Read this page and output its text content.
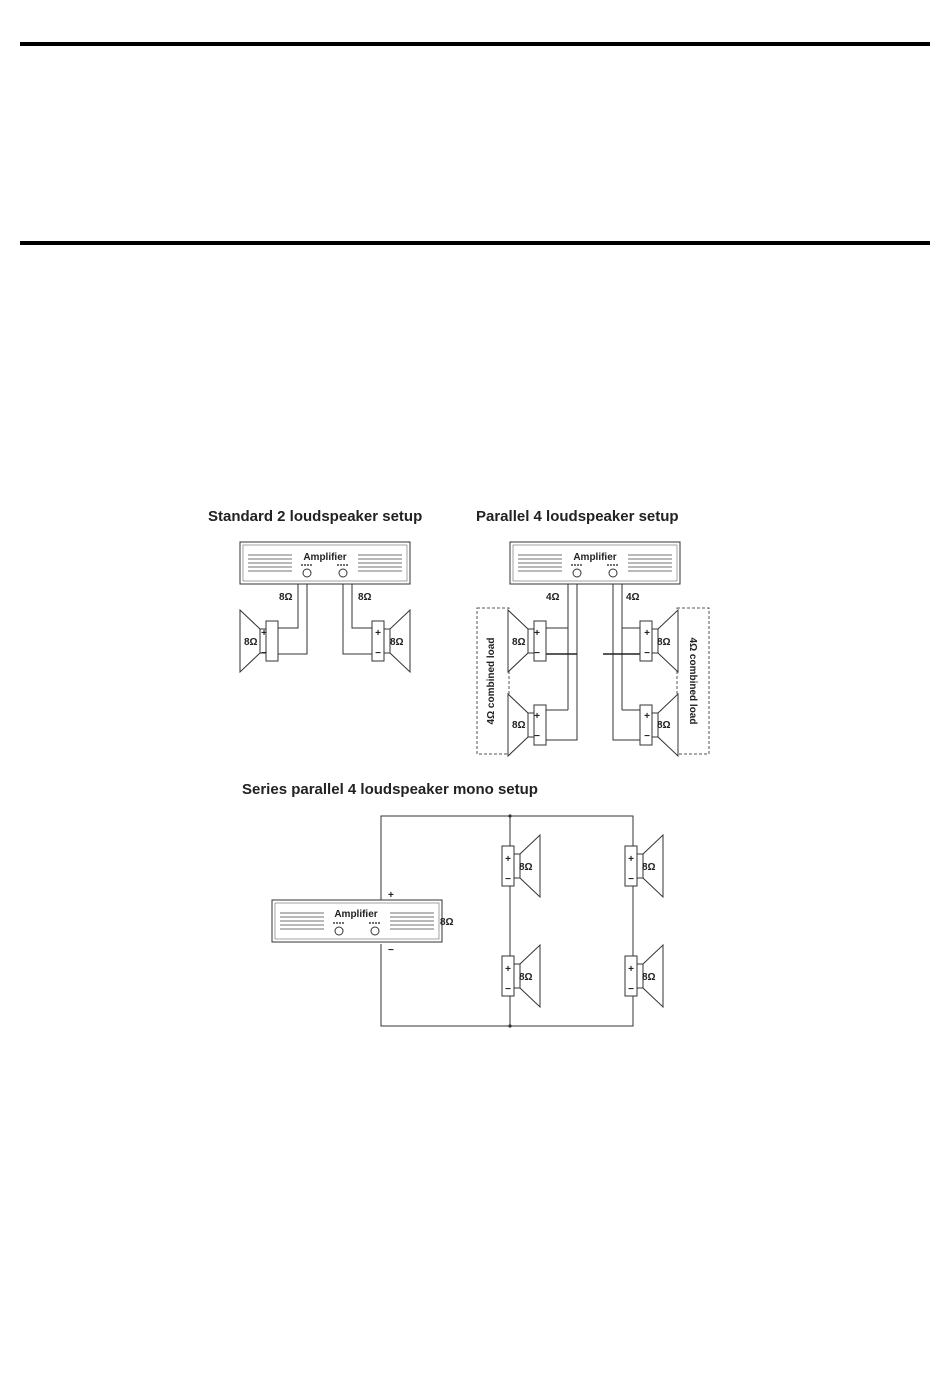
Standard 2 loudspeaker setup
Amplifier
8Ω	8Ω
8Ω	8Ω
+
−
+
−
Parallel 4 loudspeaker setup
Amplifier
4Ω	4Ω
8Ω
8Ω
8Ω
8Ω
+
−
+
−
+
−
+
−
4Ω combined load	4Ω combined load
Series parallel 4 loudspeaker mono setup
Amplifier
8Ω
+
−
8Ω
8Ω
8Ω
8Ω
+
−
+
−
+
−
+
−
